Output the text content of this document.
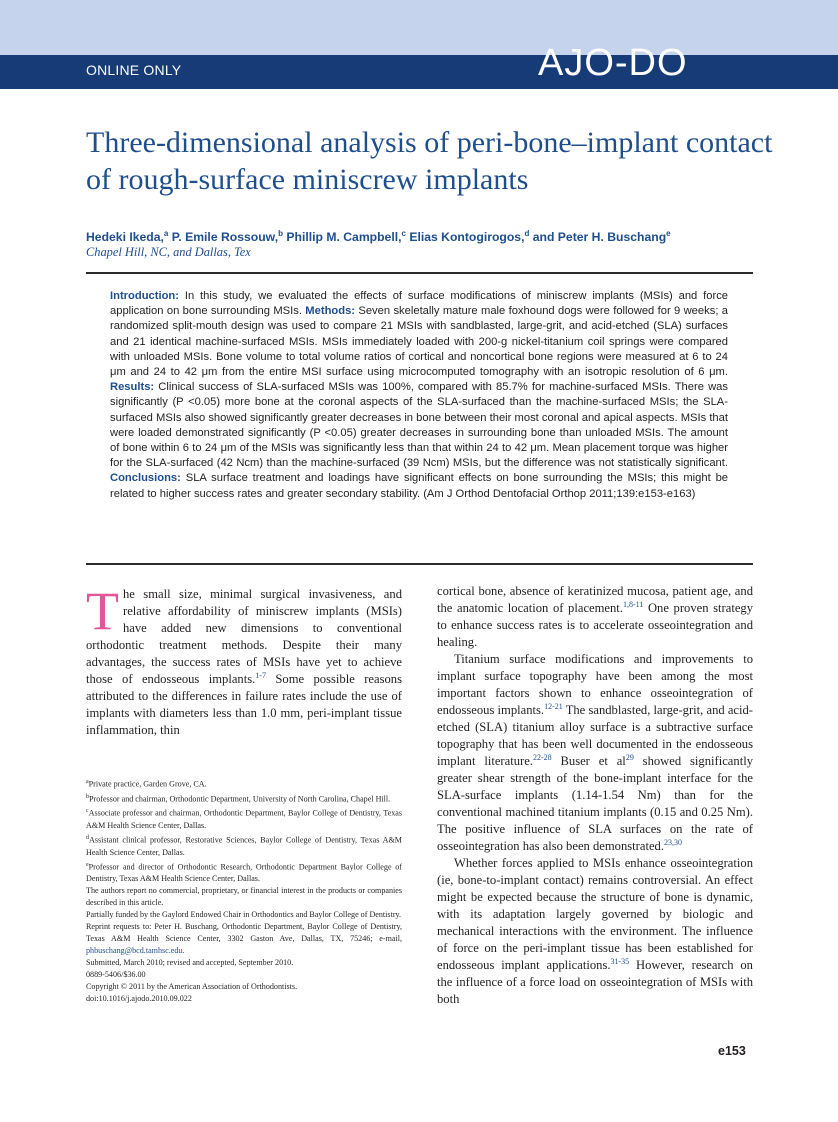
ONLINE ONLY	AJO-DO
Three-dimensional analysis of peri-bone–implant contact of rough-surface miniscrew implants
Hedeki Ikeda,$^a$ P. Emile Rossouw,$^b$ Phillip M. Campbell,$^c$ Elias Kontogirogos,$^d$ and Peter H. Buschang$^e$
Chapel Hill, NC, and Dallas, Tex
Introduction: In this study, we evaluated the effects of surface modifications of miniscrew implants (MSIs) and force application on bone surrounding MSIs. Methods: Seven skeletally mature male foxhound dogs were followed for 9 weeks; a randomized split-mouth design was used to compare 21 MSIs with sandblasted, large-grit, and acid-etched (SLA) surfaces and 21 identical machine-surfaced MSIs. MSIs immediately loaded with 200-g nickel-titanium coil springs were compared with unloaded MSIs. Bone volume to total volume ratios of cortical and noncortical bone regions were measured at 6 to 24 μm and 24 to 42 μm from the entire MSI surface using microcomputed tomography with an isotropic resolution of 6 μm. Results: Clinical success of SLA-surfaced MSIs was 100%, compared with 85.7% for machine-surfaced MSIs. There was significantly (P <0.05) more bone at the coronal aspects of the SLA-surfaced than the machine-surfaced MSIs; the SLA-surfaced MSIs also showed significantly greater decreases in bone between their most coronal and apical aspects. MSIs that were loaded demonstrated significantly (P <0.05) greater decreases in surrounding bone than unloaded MSIs. The amount of bone within 6 to 24 μm of the MSIs was significantly less than that within 24 to 42 μm. Mean placement torque was higher for the SLA-surfaced (42 Ncm) than the machine-surfaced (39 Ncm) MSIs, but the difference was not statistically significant. Conclusions: SLA surface treatment and loadings have significant effects on bone surrounding the MSIs; this might be related to higher success rates and greater secondary stability. (Am J Orthod Dentofacial Orthop 2011;139:e153-e163)

The small size, minimal surgical invasiveness, and relative affordability of miniscrew implants (MSIs) have added new dimensions to conventional orthodontic treatment methods. Despite their many advantages, the success rates of MSIs have yet to achieve those of endosseous implants.$^{1-7}$ Some possible reasons attributed to the differences in failure rates include the use of implants with diameters less than 1.0 mm, peri-implant tissue inflammation, thin

cortical bone, absence of keratinized mucosa, patient age, and the anatomic location of placement.$^{1,8-11}$ One proven strategy to enhance success rates is to accelerate osseointegration and healing.

Titanium surface modifications and improvements to implant surface topography have been among the most important factors shown to enhance osseointegration of endosseous implants.$^{12-21}$ The sandblasted, large-grit, and acid-etched (SLA) titanium alloy surface is a subtractive surface topography that has been well documented in the endosseous implant literature.$^{22-28}$ Buser et al$^{29}$ showed significantly greater shear strength of the bone-implant interface for the SLA-surface implants (1.14-1.54 Nm) than for the conventional machined titanium implants (0.15 and 0.25 Nm). The positive influence of SLA surfaces on the rate of osseointegration has also been demonstrated.$^{23,30}$

Whether forces applied to MSIs enhance osseointegration (ie, bone-to-implant contact) remains controversial. An effect might be expected because the structure of bone is dynamic, with its adaptation largely governed by biologic and mechanical interactions with the environment. The influence of force on the peri-implant tissue has been established for endosseous implant applications.$^{31-35}$ However, research on the influence of a force load on osseointegration of MSIs with both

$^a$Private practice, Garden Grove, CA.

$^b$Professor and chairman, Orthodontic Department, University of North Carolina, Chapel Hill.

$^c$Associate professor and chairman, Orthodontic Department, Baylor College of Dentistry, Texas A&M Health Science Center, Dallas.

$^d$Assistant clinical professor, Restorative Sciences, Baylor College of Dentistry, Texas A&M Health Science Center, Dallas.

$^e$Professor and director of Orthodontic Research, Orthodontic Department Baylor College of Dentistry, Texas A&M Health Science Center, Dallas.

The authors report no commercial, proprietary, or financial interest in the products or companies described in this article.

Partially funded by the Gaylord Endowed Chair in Orthodontics and Baylor College of Dentistry.

Reprint requests to: Peter H. Buschang, Orthodontic Department, Baylor College of Dentistry, Texas A&M Health Science Center, 3302 Gaston Ave, Dallas, TX, 75246; e-mail, phbuschang@bcd.tamhsc.edu.

Submitted, March 2010; revised and accepted, September 2010.

0889-5406/$36.00

Copyright © 2011 by the American Association of Orthodontists.

doi:10.1016/j.ajodo.2010.09.022

e153
